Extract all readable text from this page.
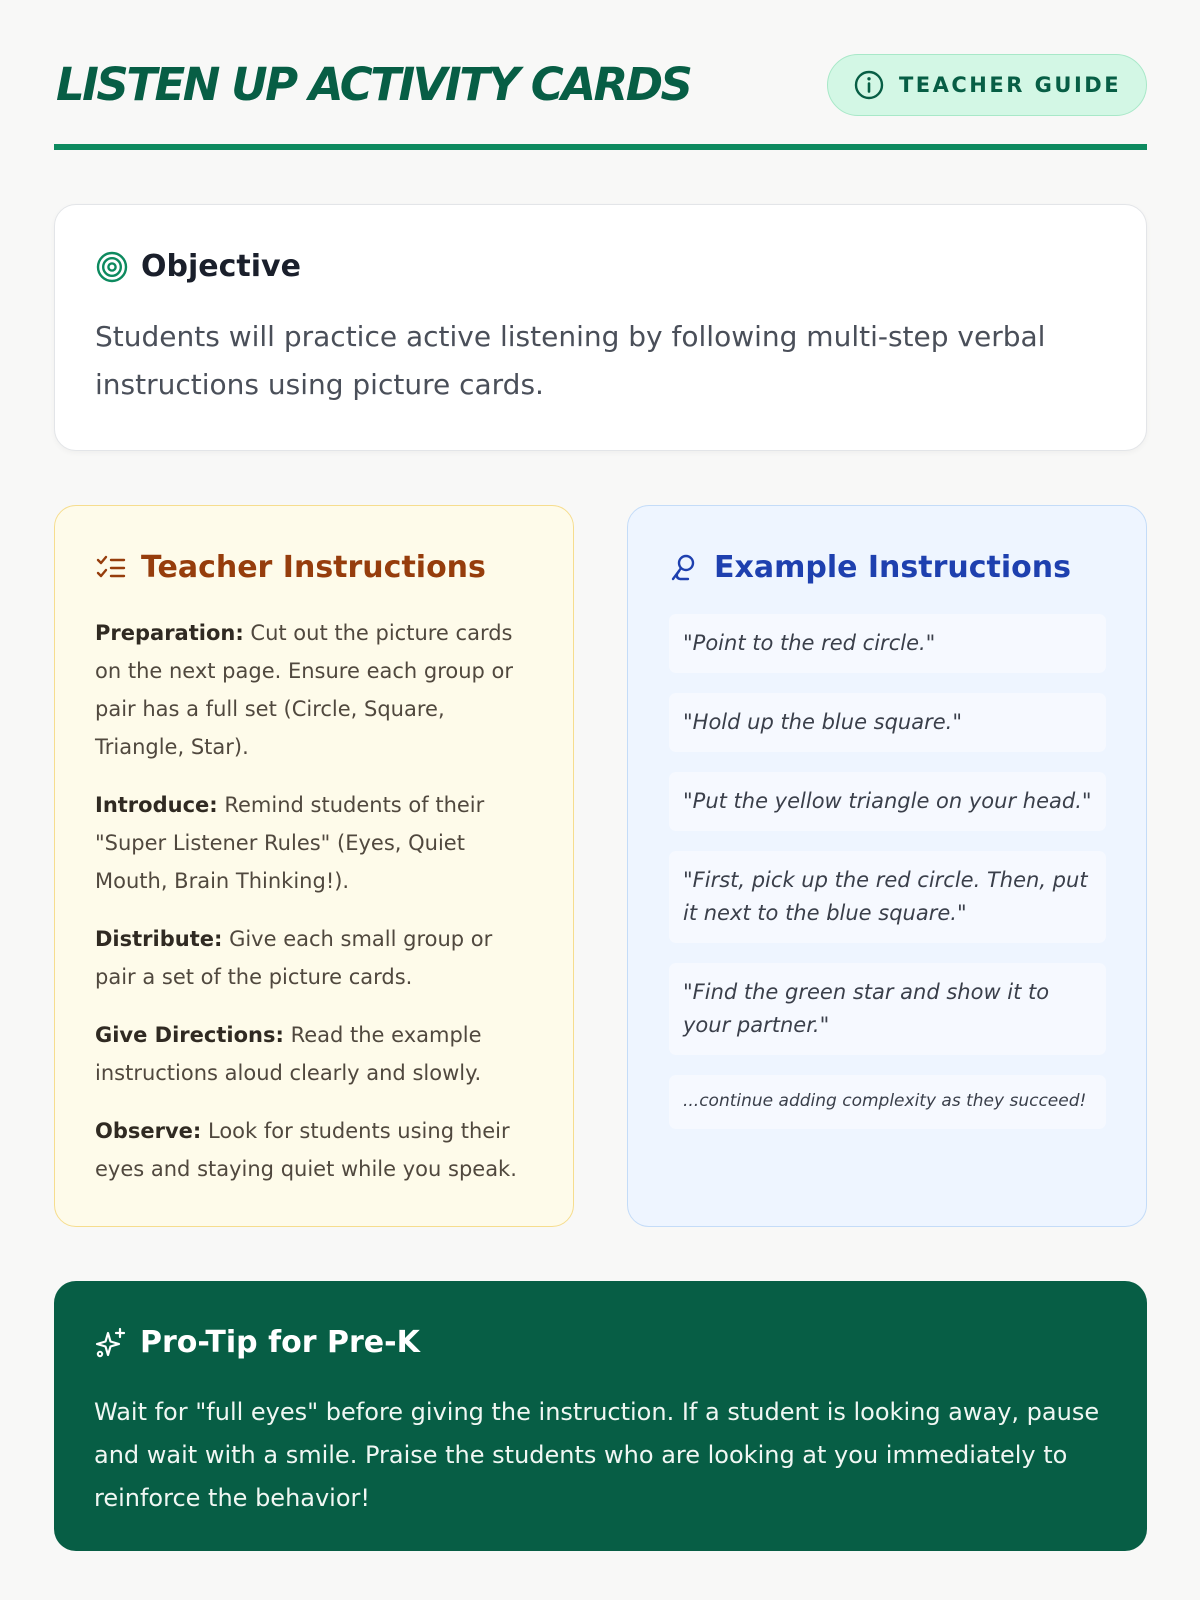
LISTEN UP ACTIVITY CARDS	TEACHER GUIDE
Objective

Students will practice active listening by following multi-step verbal instructions using picture cards.

Teacher Instructions

Preparation: Cut out the picture cards on the next page. Ensure each group or pair has a full set (Circle, Square, Triangle, Star).

Introduce: Remind students of their "Super Listener Rules" (Eyes, Quiet Mouth, Brain Thinking!).

Distribute: Give each small group or pair a set of the picture cards.

Give Directions: Read the example instructions aloud clearly and slowly.

Observe: Look for students using their eyes and staying quiet while you speak.

Example Instructions
"Point to the red circle."
"Hold up the blue square."
"Put the yellow triangle on your head."
"First, pick up the red circle. Then, put it next to the blue square."
"Find the green star and show it to your partner."
...continue adding complexity as they succeed!
Pro-Tip for Pre-K

Wait for "full eyes" before giving the instruction. If a student is looking away, pause and wait with a smile. Praise the students who are looking at you immediately to reinforce the behavior!
